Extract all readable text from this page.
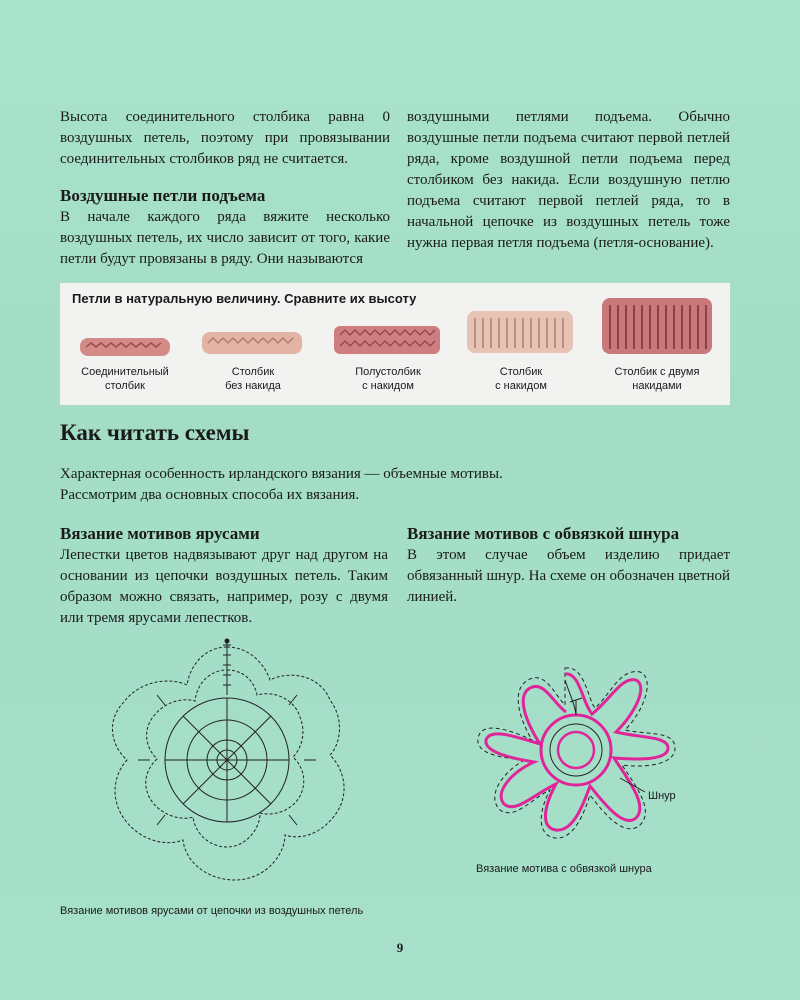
Высота соединительного столбика равна 0 воздушных петель, поэтому при провязывании соединительных столбиков ряд не считается.

Воздушные петли подъема

В начале каждого ряда вяжите несколько воздушных петель, их число зависит от того, какие петли будут провязаны в ряду. Они называются

воздушными петлями подъема. Обычно воздушные петли подъема считают первой петлей ряда, кроме воздушной петли подъема перед столбиком без накида. Если воздушную петлю подъема считают первой петлей ряда, то в начальной цепочке из воздушных петель тоже нужна первая петля подъема (петля-основание).

Петли в натуральную величину. Сравните их высоту
Соединительный
столбик
Столбик
без накида
Полустолбик
с накидом
Столбик
с накидом
Столбик с двумя
накидами
Как читать схемы

Характерная особенность ирландского вязания — объемные мотивы.

Рассмотрим два основных способа их вязания.

Вязание мотивов ярусами

Лепестки цветов надвязывают друг над другом на основании из цепочки воздушных петель. Таким образом можно связать, например, розу с двумя или тремя ярусами лепестков.

Вязание мотивов с обвязкой шнура

В этом случае объем изделию придает обвязанный шнур. На схеме он обозначен цветной линией.

Вязание мотивов ярусами от цепочки из воздушных петель
Шнур
Вязание мотива с обвязкой шнура
9
